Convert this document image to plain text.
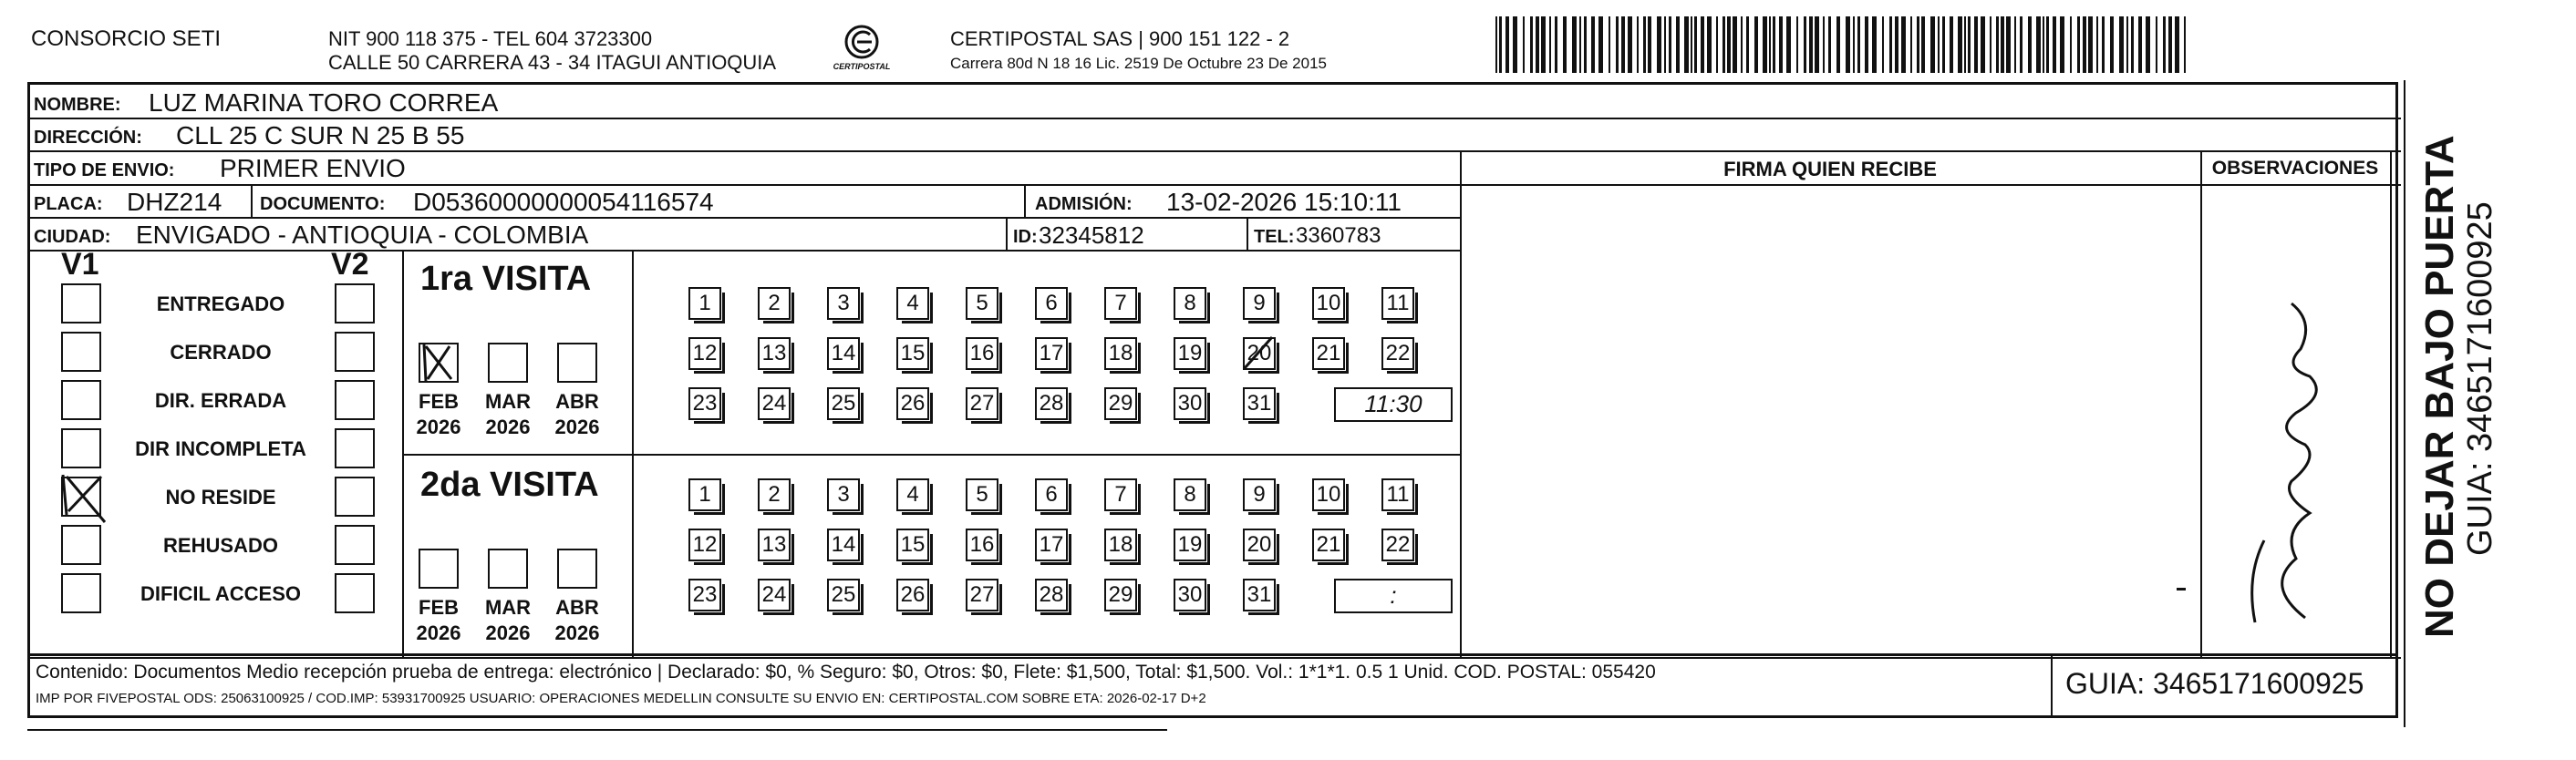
CONSORCIO SETI	NIT 900 118 375 - TEL 604 3723300
CALLE 50 CARRERA 43 - 34 ITAGUI ANTIOQUIA	CERTIPOSTAL
CERTIPOSTAL SAS | 900 151 122 - 2
Carrera 80d N 18 16 Lic. 2519 De Octubre 23 De 2015
NOMBRE: LUZ MARINA TORO CORREA
DIRECCIÓN: CLL 25 C SUR N 25 B 55
TIPO DE ENVIO: PRIMER ENVIO	FIRMA QUIEN RECIBE	OBSERVACIONES
PLACA: DHZ214 DOCUMENTO: D05360000000054116574	ADMISIÓN: 13-02-2026 15:10:11
CIUDAD: ENVIGADO - ANTIOQUIA - COLOMBIA	ID: 32345812	TEL: 3360783
V1	V2
ENTREGADO
CERRADO
DIR. ERRADA
DIR INCOMPLETA
NO RESIDE
REHUSADO
DIFICIL ACCESO
1ra VISITA
FEB
2026
MAR
2026
ABR
2026
1	2	3	4	5	6	7	8	9	10 11
12 13 14 15 16 17 18 19 20 21 22
23 24 25 26 27 28 29 30 31	11:30
2da VISITA
FEB
2026
MAR
2026
ABR
2026
1	2	3	4	5	6	7	8	9	10 11
12 13 14 15 16 17 18 19 20 21 22
23 24 25 26 27 28 29 30 31	:
Contenido: Documentos Medio recepción prueba de entrega: electrónico | Declarado: $0, % Seguro: $0, Otros: $0, Flete: $1,500, Total: $1,500. Vol.: 1*1*1. 0.5 1 Unid. COD. POSTAL: 055420
IMP POR FIVEPOSTAL ODS: 25063100925 / COD.IMP: 53931700925 USUARIO: OPERACIONES MEDELLIN CONSULTE SU ENVIO EN: CERTIPOSTAL.COM SOBRE ETA: 2026-02-17 D+2	GUIA: 3465171600925
NO DEJAR BAJO PUERTA GUIA: 3465171600925
